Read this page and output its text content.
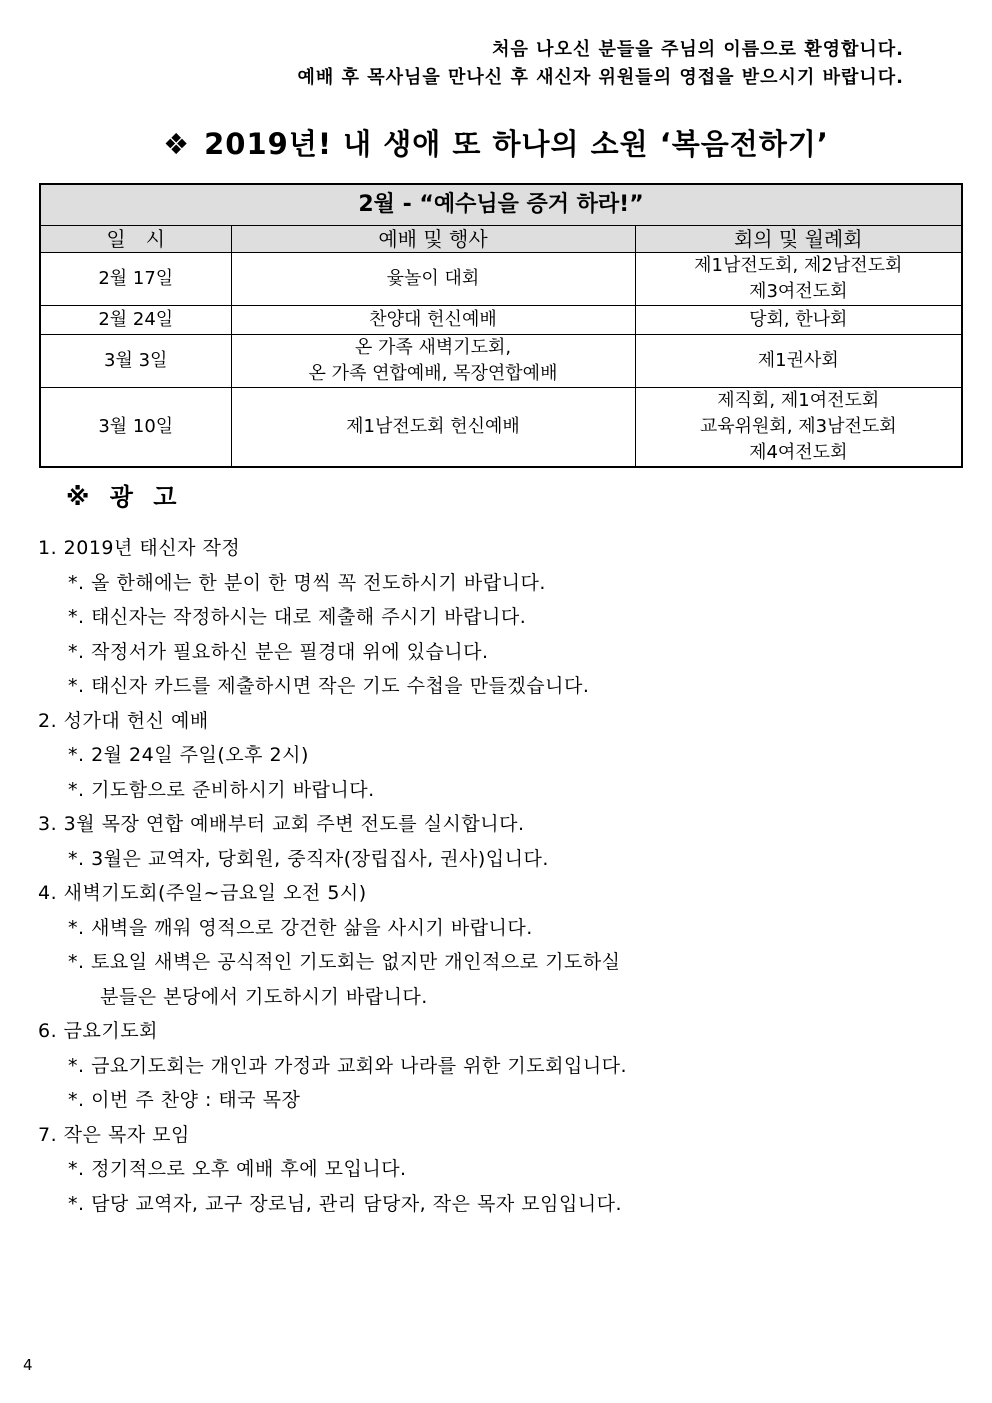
처음 나오신 분들을 주님의 이름으로 환영합니다.
예배 후 목사님을 만나신 후 새신자 위원들의 영접을 받으시기 바랍니다.
❖ 2019년! 내 생애 또 하나의 소원 ‘복음전하기’
2월 - “예수님을 증거 하라!”		
일　시	예배 및 행사	회의 및 월례회
2월 17일	윷놀이 대회	제1남전도회, 제2남전도회
제3여전도회

2월 24일	찬양대 헌신예배	당회, 한나회

3월 3일	온 가족 새벽기도회,
온 가족 연합예배, 목장연합예배	제1권사회

3월 10일	제1남전도회 헌신예배	제직회, 제1여전도회
교육위원회, 제3남전도회
제4여전도회
※ 광 고
1. 2019년 태신자 작정
*. 올 한해에는 한 분이 한 명씩 꼭 전도하시기 바랍니다.
*. 태신자는 작정하시는 대로 제출해 주시기 바랍니다.
*. 작정서가 필요하신 분은 필경대 위에 있습니다.
*. 태신자 카드를 제출하시면 작은 기도 수첩을 만들겠습니다.
2. 성가대 헌신 예배
*. 2월 24일 주일(오후 2시)
*. 기도함으로 준비하시기 바랍니다.
3. 3월 목장 연합 예배부터 교회 주변 전도를 실시합니다.
*. 3월은 교역자, 당회원, 중직자(장립집사, 권사)입니다.
4. 새벽기도회(주일~금요일 오전 5시)
*. 새벽을 깨워 영적으로 강건한 삶을 사시기 바랍니다.
*. 토요일 새벽은 공식적인 기도회는 없지만 개인적으로 기도하실
분들은 본당에서 기도하시기 바랍니다.
6. 금요기도회
*. 금요기도회는 개인과 가정과 교회와 나라를 위한 기도회입니다.
*. 이번 주 찬양 : 태국 목장
7. 작은 목자 모임
*. 정기적으로 오후 예배 후에 모입니다.
*. 담당 교역자, 교구 장로님, 관리 담당자, 작은 목자 모임입니다.
4
